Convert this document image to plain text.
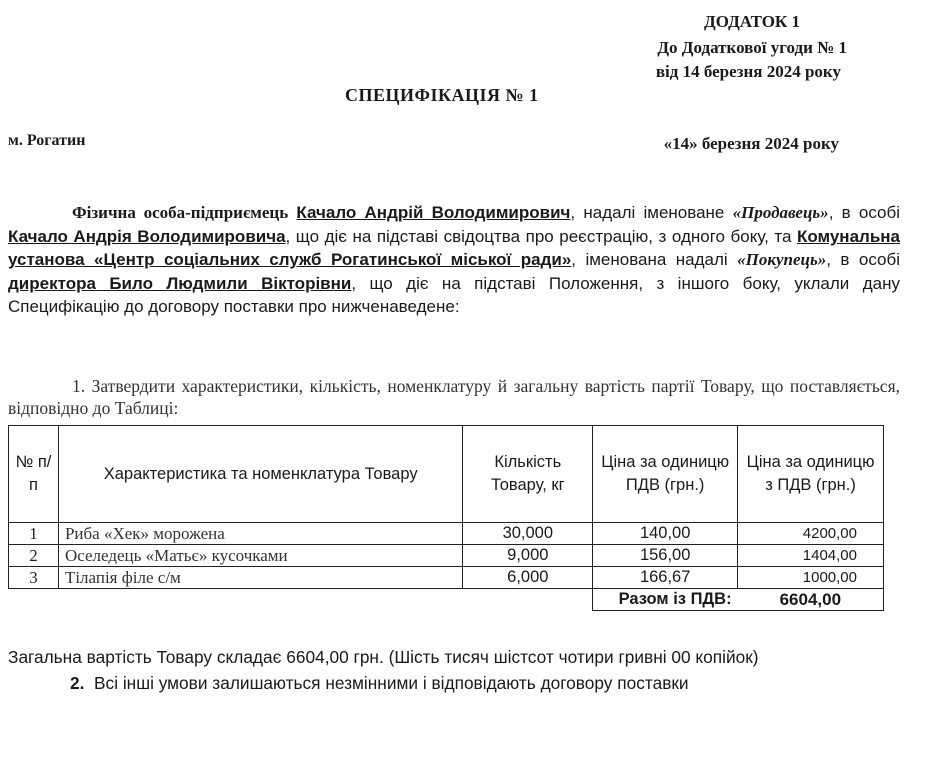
ДОДАТОК 1
До Додаткової угоди № 1
від 14 березня 2024 року
СПЕЦИФІКАЦІЯ № 1
м. Рогатин	«14» березня 2024 року
Фізична особа-підприємець Качало Андрій Володимирович, надалі іменоване «Продавець», в особі Качало Андрія Володимировича, що діє на підставі свідоцтва про реєстрацію, з одного боку, та Комунальна установа «Центр соціальних служб Рогатинської міської ради», іменована надалі «Покупець», в особі директора Било Людмили Вікторівни, що діє на підставі Положення, з іншого боку, уклали дану Специфікацію до договору поставки про нижченаведене:
1. Затвердити характеристики, кількість, номенклатуру й загальну вартість партії Товару, що поставляється, відповідно до Таблиці:
№ п/п	Характеристика та номенклатура Товару	Кількість Товару, кг	Ціна за одиницю ПДВ (грн.)	Ціна за одиницю з ПДВ (грн.)
1	Риба «Хек» морожена	30,000	140,00	4200,00
2	Оселедець «Матьє» кусочками	9,000	156,00	1404,00
3	Тілапія філе с/м	6,000	166,67	1000,00
			Разом із ПДВ:	6604,00
Загальна вартість Товару складає 6604,00 грн. (Шість тисяч шістсот чотири гривні 00 копійок)
2. Всі інші умови залишаються незмінними і відповідають договору поставки
